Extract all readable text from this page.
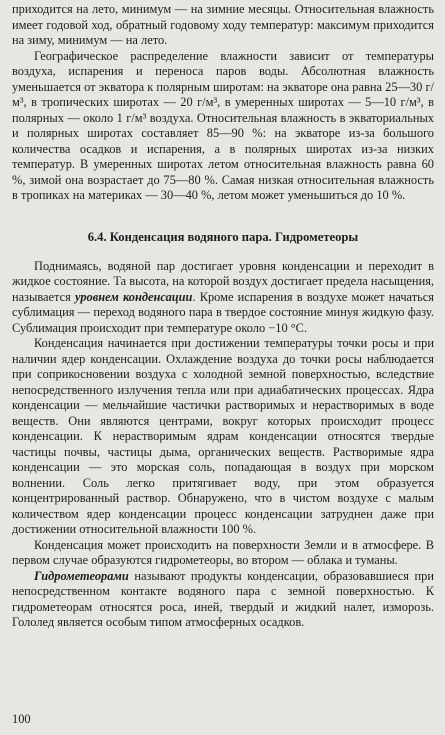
приходится на лето, минимум — на зимние месяцы. Относительная влажность имеет годовой ход, обратный годовому ходу температур: максимум приходится на зиму, минимум — на лето.

Географическое распределение влажности зависит от температуры воздуха, испарения и переноса паров воды. Абсолютная влажность уменьшается от экватора к полярным широтам: на экваторе она равна 25—30 г/м³, в тропических широтах — 20 г/м³, в умеренных широтах — 5—10 г/м³, в полярных — около 1 г/м³ воздуха. Относительная влажность в экваториальных и полярных широтах составляет 85—90 %: на экваторе из-за большого количества осадков и испарения, а в полярных широтах из-за низких температур. В умеренных широтах летом относительная влажность равна 60 %, зимой она возрастает до 75—80 %. Самая низкая относительная влажность в тропиках на материках — 30—40 %, летом может уменьшиться до 10 %.

6.4. Конденсация водяного пара. Гидрометеоры

Поднимаясь, водяной пар достигает уровня конденсации и переходит в жидкое состояние. Та высота, на которой воздух достигает предела насыщения, называется уровнем конденсации. Кроме испарения в воздухе может начаться сублимация — переход водяного пара в твердое состояние минуя жидкую фазу. Сублимация происходит при температуре около −10 °С.

Конденсация начинается при достижении температуры точки росы и при наличии ядер конденсации. Охлаждение воздуха до точки росы наблюдается при соприкосновении воздуха с холодной земной поверхностью, вследствие непосредственного излучения тепла или при адиабатических процессах. Ядра конденсации — мельчайшие частички растворимых и нерастворимых в воде веществ. Они являются центрами, вокруг которых происходит процесс конденсации. К нерастворимым ядрам конденсации относятся твердые частицы почвы, частицы дыма, органических веществ. Растворимые ядра конденсации — это морская соль, попадающая в воздух при морском волнении. Соль легко притягивает воду, при этом образуется концентрированный раствор. Обнаружено, что в чистом воздухе с малым количеством ядер конденсации процесс конденсации затруднен даже при достижении относительной влажности 100 %.

Конденсация может происходить на поверхности Земли и в атмосфере. В первом случае образуются гидрометеоры, во втором — облака и туманы.

Гидрометеорами называют продукты конденсации, образовавшиеся при непосредственном контакте водяного пара с земной поверхностью. К гидрометеорам относятся роса, иней, твердый и жидкий налет, изморозь. Гололед является особым типом атмосферных осадков.

100
